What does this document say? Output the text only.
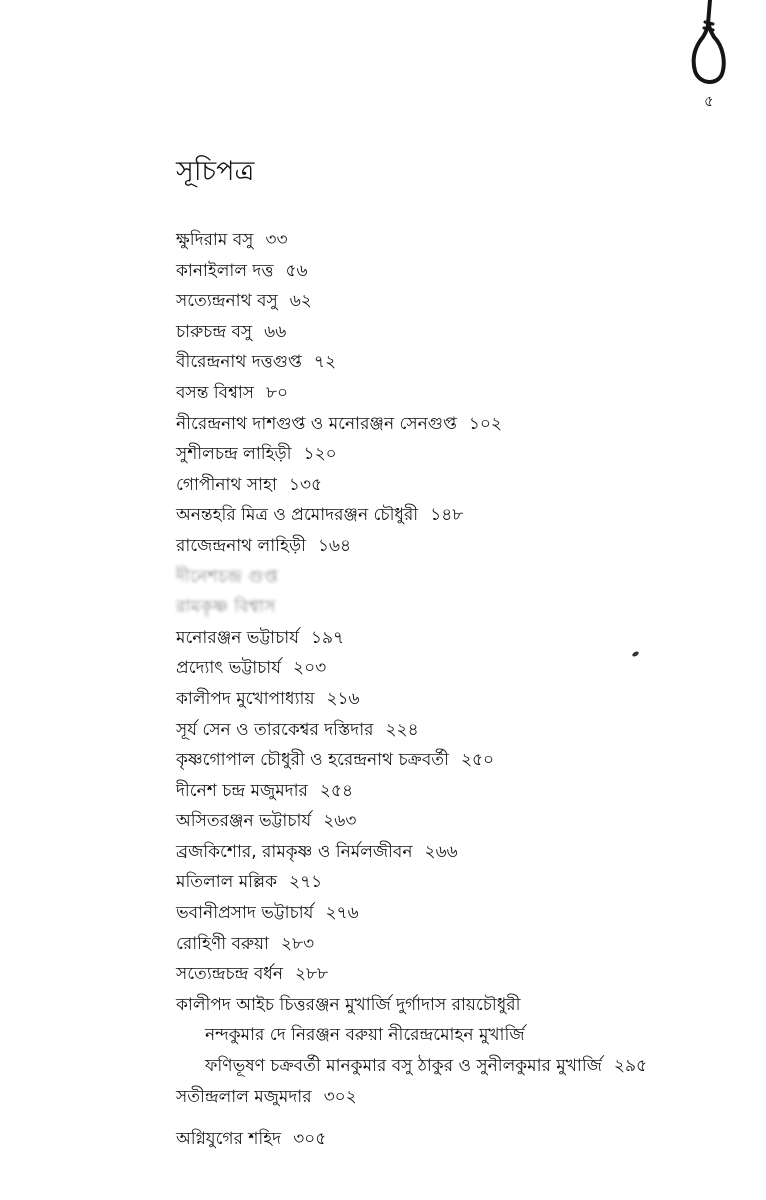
৫
সূচিপত্র
ক্ষুদিরাম বসু ৩৩
কানাইলাল দত্ত ৫৬
সত্যেন্দ্রনাথ বসু ৬২
চারুচন্দ্র বসু ৬৬
বীরেন্দ্রনাথ দত্তগুপ্ত ৭২
বসন্ত বিশ্বাস ৮০
নীরেন্দ্রনাথ দাশগুপ্ত ও মনোরঞ্জন সেনগুপ্ত ১০২
সুশীলচন্দ্র লাহিড়ী ১২০
গোপীনাথ সাহা ১৩৫
অনন্তহরি মিত্র ও প্রমোদরঞ্জন চৌধুরী ১৪৮
রাজেন্দ্রনাথ লাহিড়ী ১৬৪
দীনেশচন্দ্র গুপ্ত
রামকৃষ্ণ বিশ্বাস
মনোরঞ্জন ভট্টাচার্য ১৯৭
প্রদ্যোৎ ভট্টাচার্য ২০৩
কালীপদ মুখোপাধ্যায় ২১৬
সূর্য সেন ও তারকেশ্বর দস্তিদার ২২৪
কৃষ্ণগোপাল চৌধুরী ও হরেন্দ্রনাথ চক্রবর্তী ২৫০
দীনেশ চন্দ্র মজুমদার ২৫৪
অসিতরঞ্জন ভট্টাচার্য ২৬৩
ব্রজকিশোর, রামকৃষ্ণ ও নির্মলজীবন ২৬৬
মতিলাল মল্লিক ২৭১
ভবানীপ্রসাদ ভট্টাচার্য ২৭৬
রোহিণী বরুয়া ২৮৩
সত্যেন্দ্রচন্দ্র বর্ধন ২৮৮
কালীপদ আইচ চিত্তরঞ্জন মুখার্জি দুর্গাদাস রায়চৌধুরী
নন্দকুমার দে নিরঞ্জন বরুয়া নীরেন্দ্রমোহন মুখার্জি
ফণিভূষণ চক্রবর্তী মানকুমার বসু ঠাকুর ও সুনীলকুমার মুখার্জি ২৯৫
সতীন্দ্রলাল মজুমদার ৩০২
অগ্নিযুগের শহিদ ৩০৫
